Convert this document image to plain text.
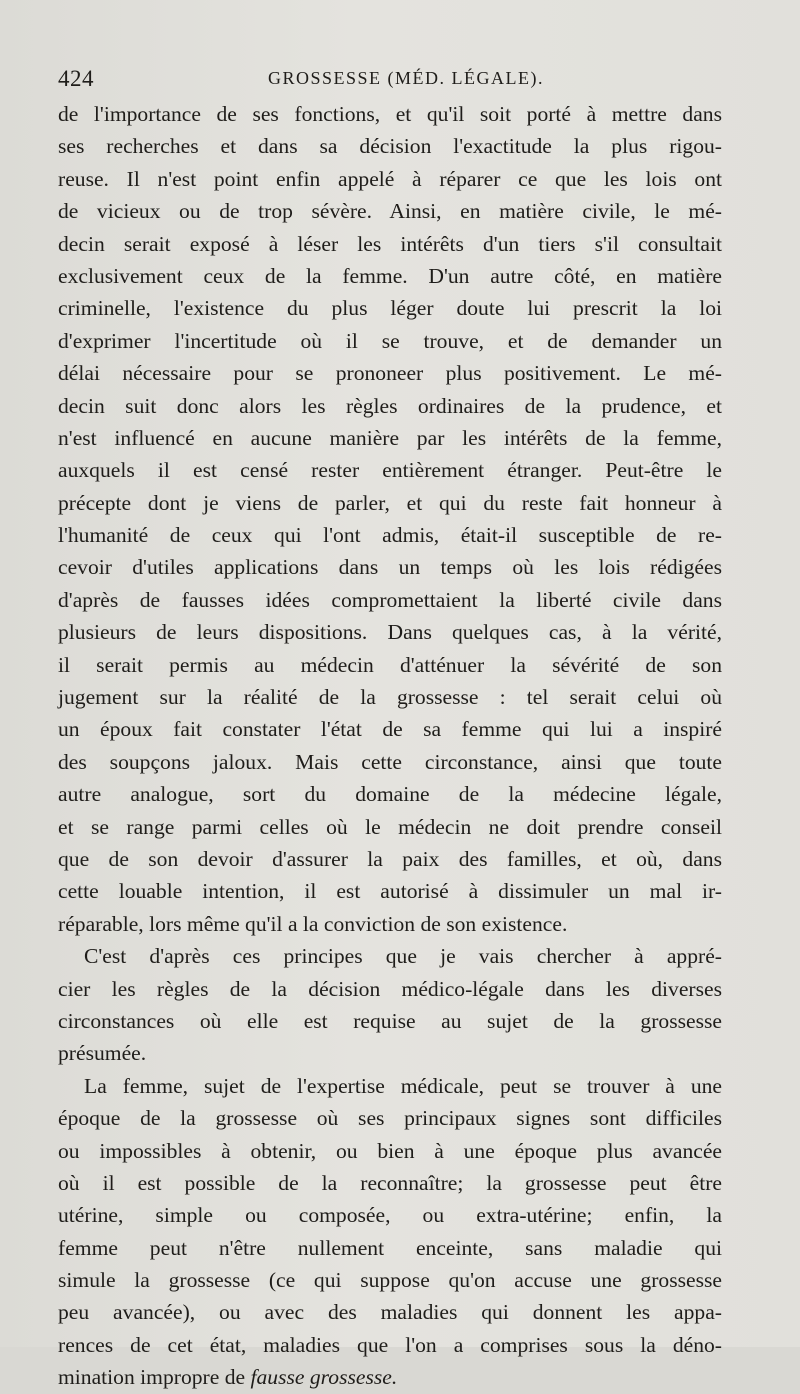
424	GROSSESSE (MÉD. LÉGALE).
de l'importance de ses fonctions, et qu'il soit porté à mettre dans
ses recherches et dans sa décision l'exactitude la plus rigou-
reuse. Il n'est point enfin appelé à réparer ce que les lois ont
de vicieux ou de trop sévère. Ainsi, en matière civile, le mé-
decin serait exposé à léser les intérêts d'un tiers s'il consultait
exclusivement ceux de la femme. D'un autre côté, en matière
criminelle, l'existence du plus léger doute lui prescrit la loi
d'exprimer l'incertitude où il se trouve, et de demander un
délai nécessaire pour se prononeer plus positivement. Le mé-
decin suit donc alors les règles ordinaires de la prudence, et
n'est influencé en aucune manière par les intérêts de la femme,
auxquels il est censé rester entièrement étranger. Peut-être le
précepte dont je viens de parler, et qui du reste fait honneur à
l'humanité de ceux qui l'ont admis, était-il susceptible de re-
cevoir d'utiles applications dans un temps où les lois rédigées
d'après de fausses idées compromettaient la liberté civile dans
plusieurs de leurs dispositions. Dans quelques cas, à la vérité,
il serait permis au médecin d'atténuer la sévérité de son
jugement sur la réalité de la grossesse : tel serait celui où
un époux fait constater l'état de sa femme qui lui a inspiré
des soupçons jaloux. Mais cette circonstance, ainsi que toute
autre analogue, sort du domaine de la médecine légale,
et se range parmi celles où le médecin ne doit prendre conseil
que de son devoir d'assurer la paix des familles, et où, dans
cette louable intention, il est autorisé à dissimuler un mal ir-
réparable, lors même qu'il a la conviction de son existence.
C'est d'après ces principes que je vais chercher à appré-
cier les règles de la décision médico-légale dans les diverses
circonstances où elle est requise au sujet de la grossesse
présumée.
La femme, sujet de l'expertise médicale, peut se trouver à une
époque de la grossesse où ses principaux signes sont difficiles
ou impossibles à obtenir, ou bien à une époque plus avancée
où il est possible de la reconnaître; la grossesse peut être
utérine, simple ou composée, ou extra-utérine; enfin, la
femme peut n'être nullement enceinte, sans maladie qui
simule la grossesse (ce qui suppose qu'on accuse une grossesse
peu avancée), ou avec des maladies qui donnent les appa-
rences de cet état, maladies que l'on a comprises sous la déno-
mination impropre de fausse grossesse.
